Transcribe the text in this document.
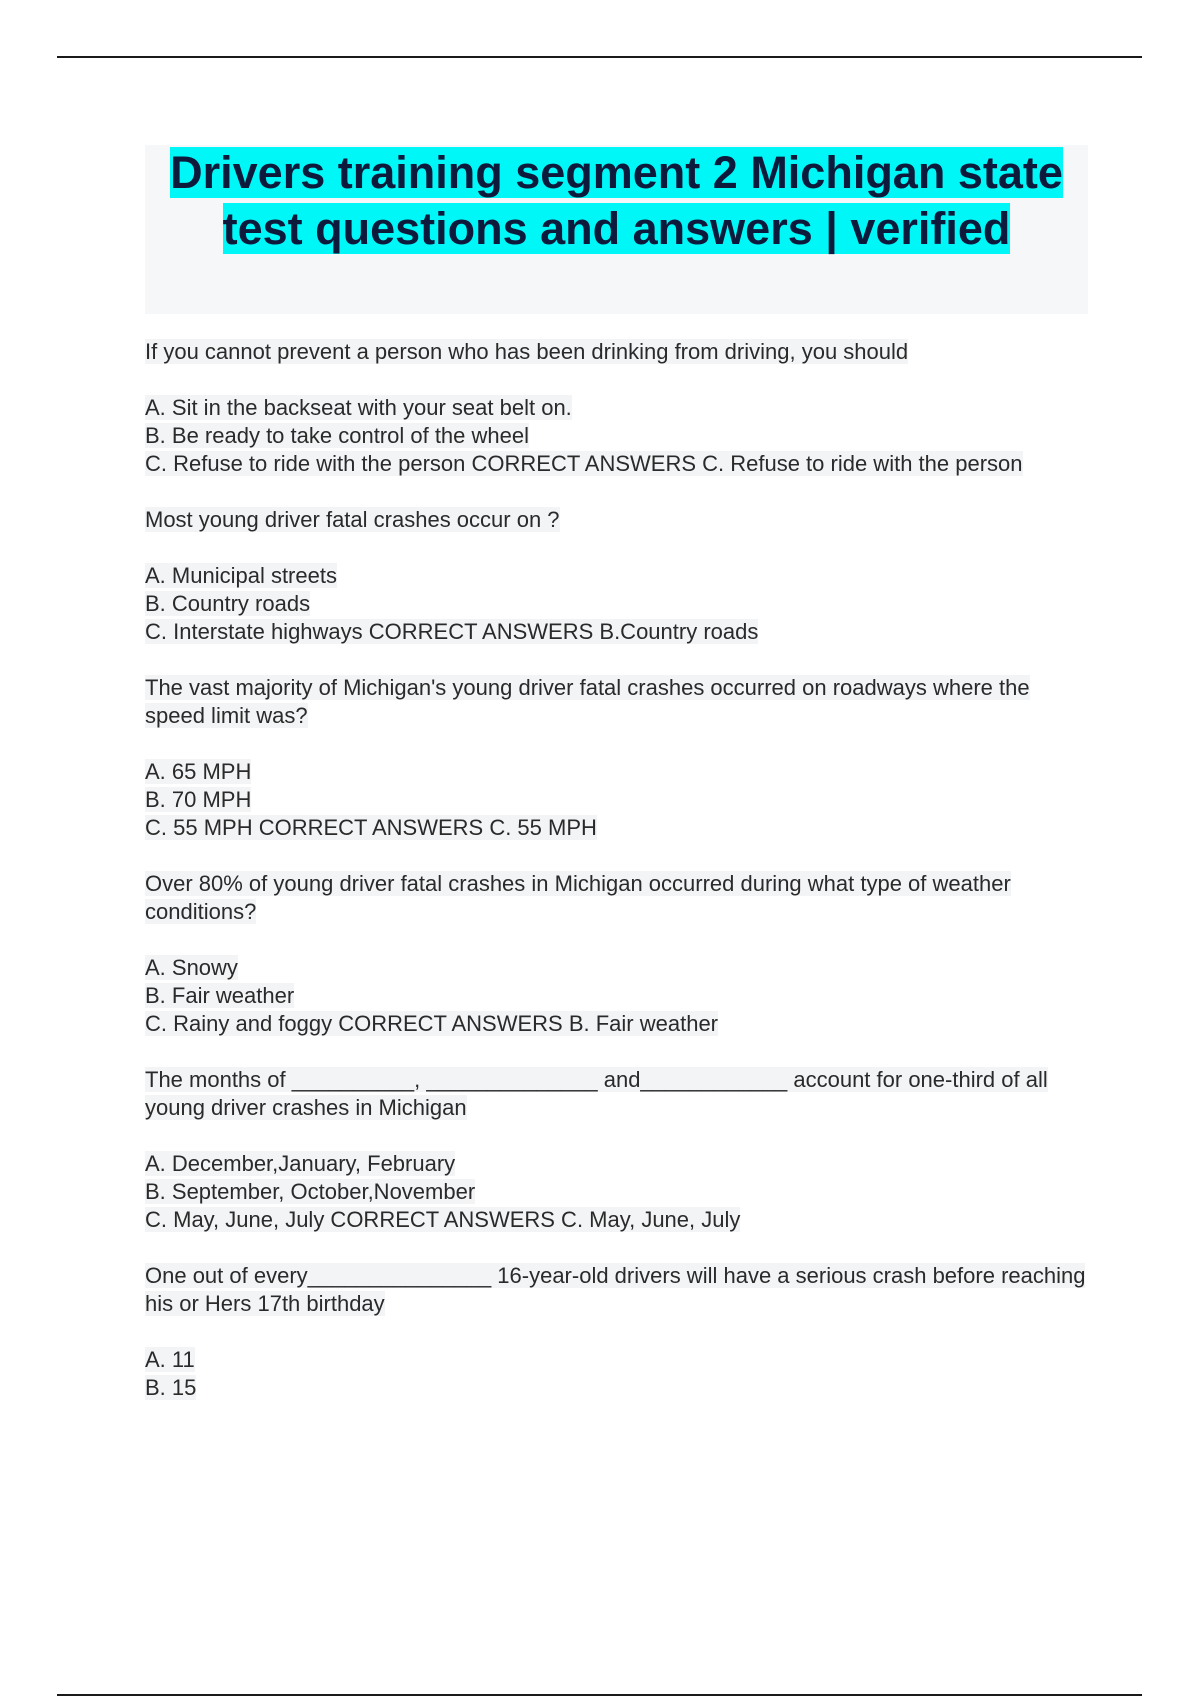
Drivers training segment 2 Michigan state test questions and answers | verified

If you cannot prevent a person who has been drinking from driving, you should

A. Sit in the backseat with your seat belt on.

B. Be ready to take control of the wheel

C. Refuse to ride with the person CORRECT ANSWERS C. Refuse to ride with the person

Most young driver fatal crashes occur on ?

A. Municipal streets

B. Country roads

C. Interstate highways CORRECT ANSWERS B.Country roads

The vast majority of Michigan's young driver fatal crashes occurred on roadways where the speed limit was?

A. 65 MPH

B. 70 MPH

C. 55 MPH CORRECT ANSWERS C. 55 MPH

Over 80% of young driver fatal crashes in Michigan occurred during what type of weather conditions?

A. Snowy

B. Fair weather

C. Rainy and foggy CORRECT ANSWERS B. Fair weather

The months of __________, ______________ and____________ account for one-third of all young driver crashes in Michigan

A. December,January, February

B. September, October,November

C. May, June, July CORRECT ANSWERS C. May, June, July

One out of every_______________ 16-year-old drivers will have a serious crash before reaching his or Hers 17th birthday

A. 11

B. 15
